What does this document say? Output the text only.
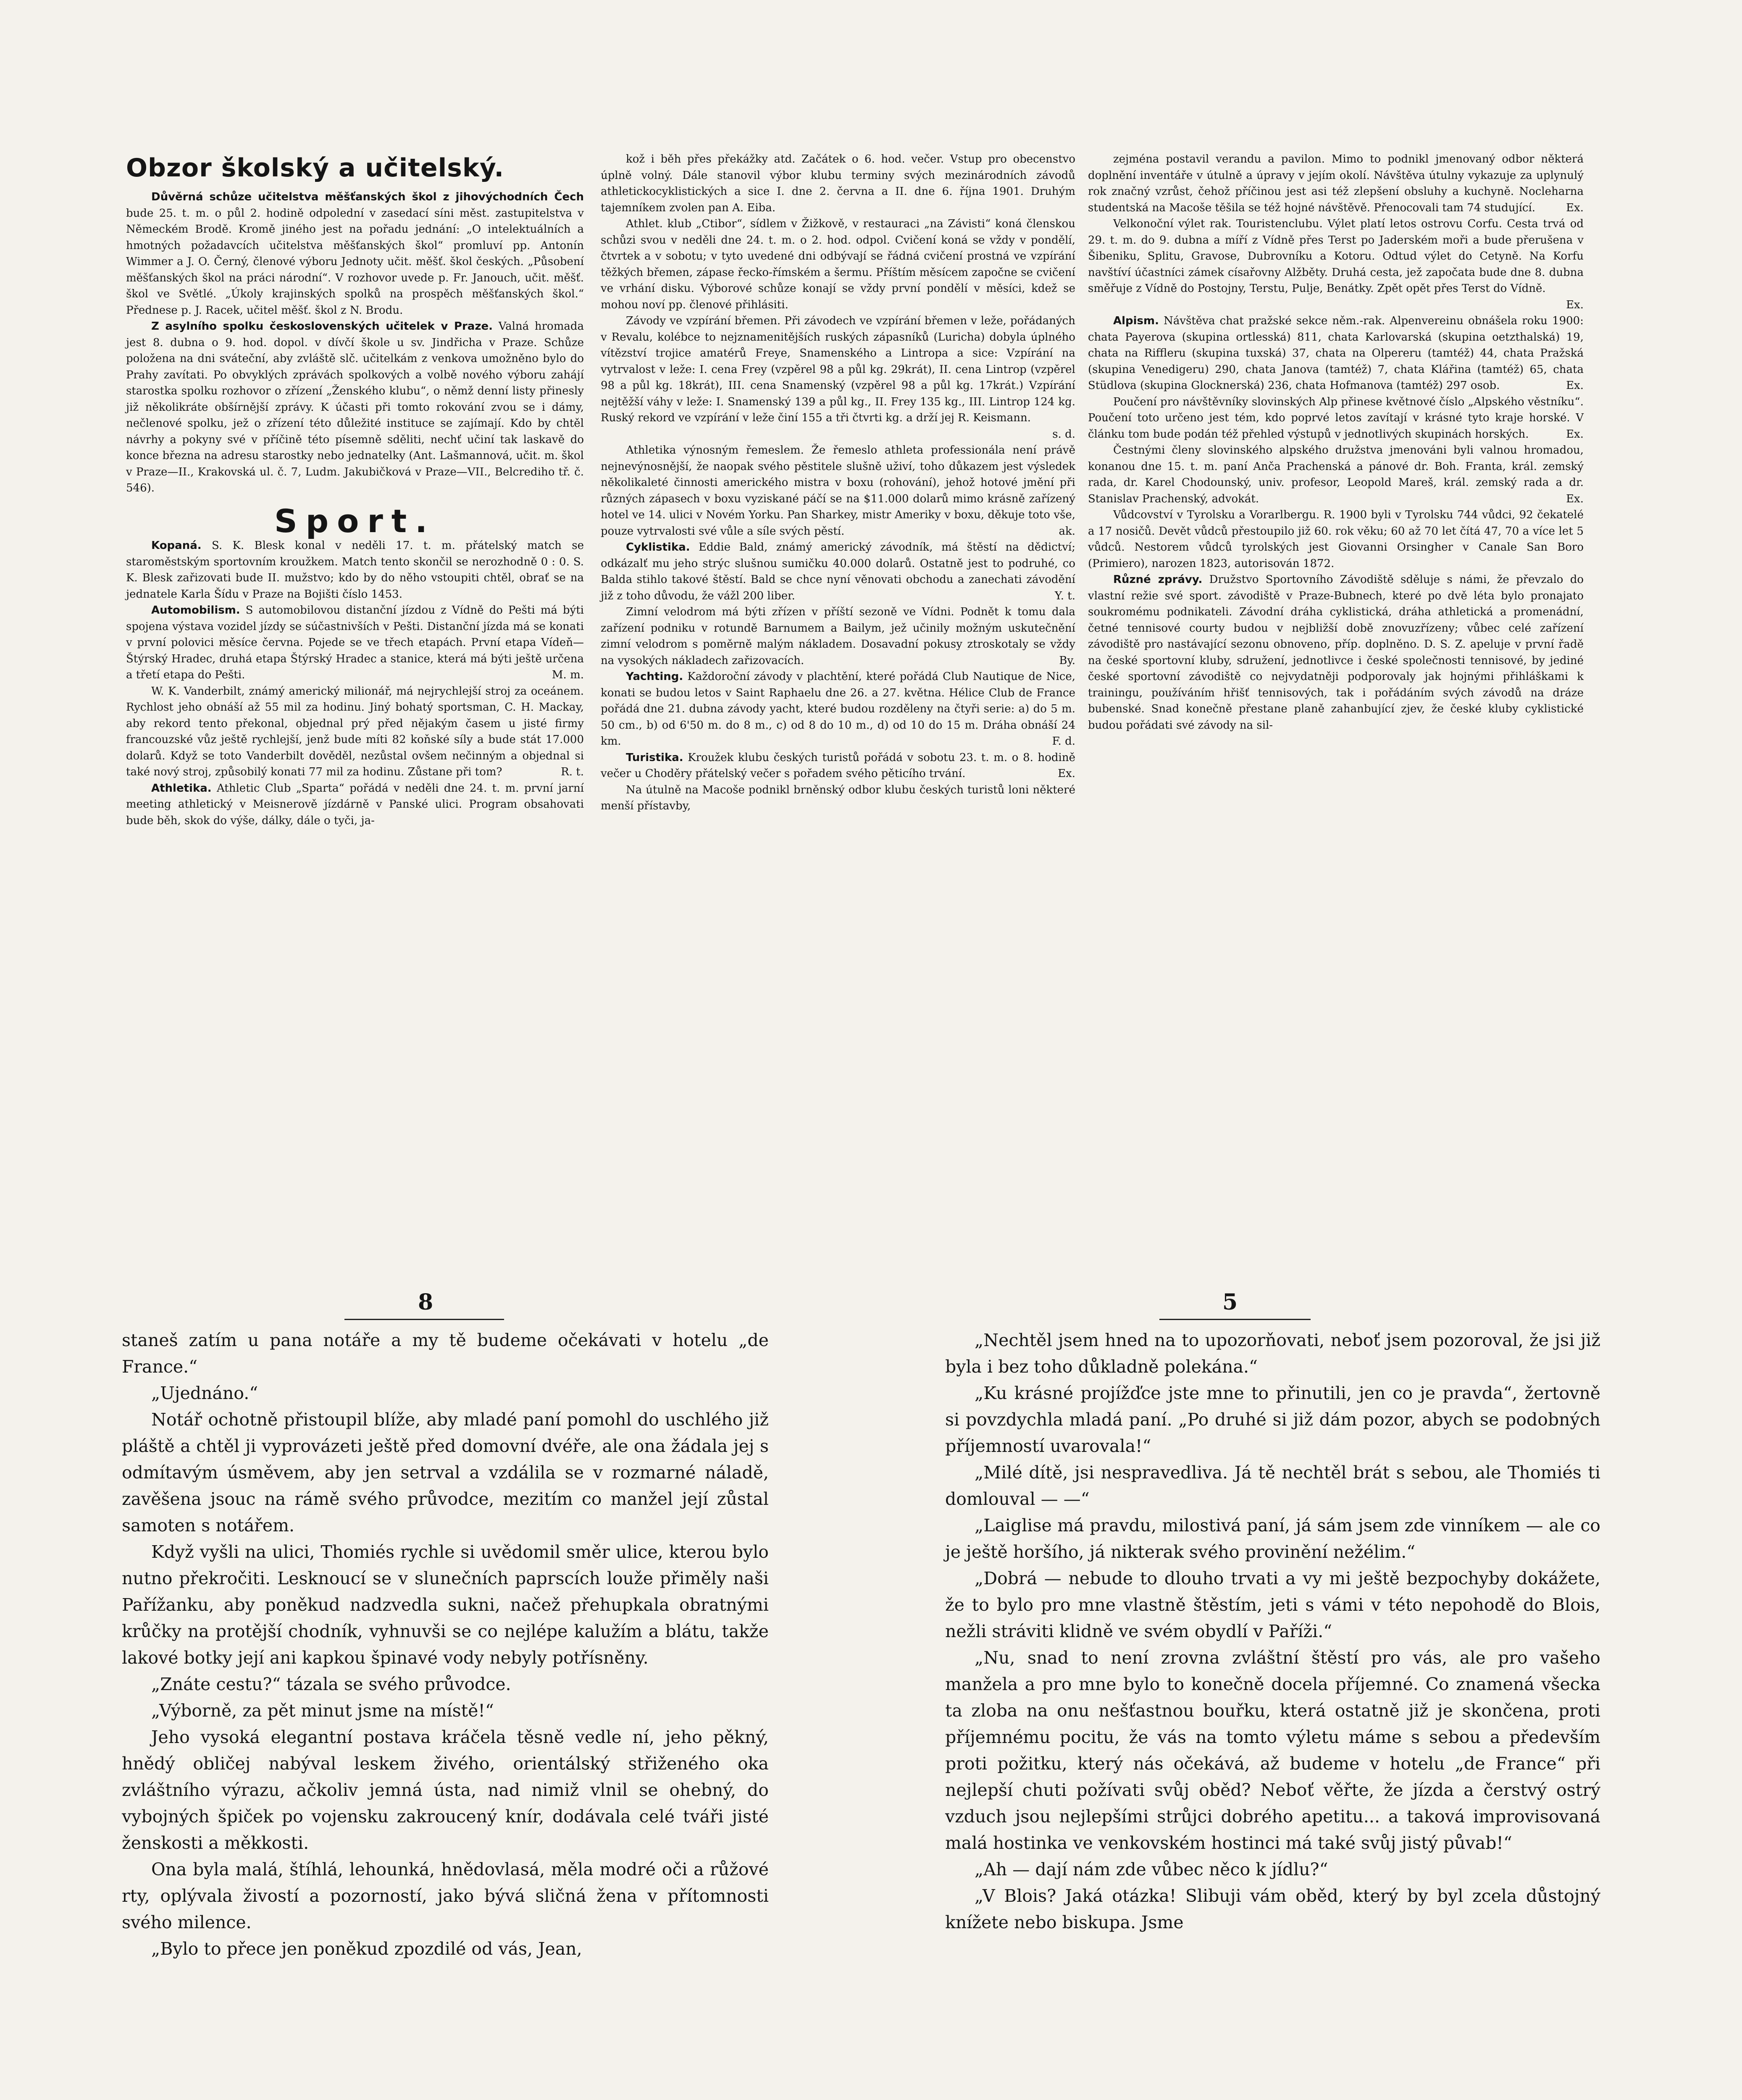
Obzor školský a učitelský.

Důvěrná schůze učitelstva měšťanských škol z jihovýchodních Čech bude 25. t. m. o půl 2. hodině odpolední v zasedací síni měst. zastupitelstva v Německém Brodě. Kromě jiného jest na pořadu jednání: „O intelektuálních a hmotných požadavcích učitelstva měšťanských škol“ promluví pp. Antonín Wimmer a J. O. Černý, členové výboru Jednoty učit. měšť. škol českých. „Působení měšťanských škol na práci národní“. V rozhovor uvede p. Fr. Janouch, učit. měšť. škol ve Světlé. „Úkoly krajinských spolků na prospěch měšťanských škol.“ Přednese p. J. Racek, učitel měšť. škol z N. Brodu.

Z asylního spolku československých učitelek v Praze. Valná hromada jest 8. dubna o 9. hod. dopol. v dívčí škole u sv. Jindřicha v Praze. Schůze položena na dni sváteční, aby zvláště slč. učitelkám z venkova umožněno bylo do Prahy zavítati. Po obvyklých zprávách spolkových a volbě nového výboru zahájí starostka spolku rozhovor o zřízení „Ženského klubu“, o němž denní listy přinesly již několikráte obšírnější zprávy. K účasti při tomto rokování zvou se i dámy, nečlenové spolku, jež o zřízení této důležité instituce se zajímají. Kdo by chtěl návrhy a pokyny své v příčině této písemně sděliti, nechť učiní tak laskavě do konce března na adresu starostky nebo jednatelky (Ant. Lašmannová, učit. m. škol v Praze—II., Krakovská ul. č. 7, Ludm. Jakubičková v Praze—VII., Belcrediho tř. č. 546).

Sport.

Kopaná. S. K. Blesk konal v neděli 17. t. m. přátelský match se staroměstským sportovním kroužkem. Match tento skončil se nerozhodně 0 : 0. S. K. Blesk zařizovati bude II. mužstvo; kdo by do něho vstoupiti chtěl, obrať se na jednatele Karla Šídu v Praze na Bojišti číslo 1453.

Automobilism. S automobilovou distanční jízdou z Vídně do Pešti má býti spojena výstava vozidel jízdy se súčastnivších v Pešti. Distanční jízda má se konati v první polovici měsíce června. Pojede se ve třech etapách. První etapa Vídeň—Štýrský Hradec, druhá etapa Štýrský Hradec a stanice, která má býti ještě určena a třetí etapa do Pešti.	M. m.

W. K. Vanderbilt, známý americký milionář, má nejrychlejší stroj za oceánem. Rychlost jeho obnáší až 55 mil za hodinu. Jiný bohatý sportsman, C. H. Mackay, aby rekord tento překonal, objednal prý před nějakým časem u jisté firmy francouzské vůz ještě rychlejší, jenž bude míti 82 koňské síly a bude stát 17.000 dolarů. Když se toto Vanderbilt dověděl, nezůstal ovšem nečinným a objednal si také nový stroj, způsobilý konati 77 mil za hodinu. Zůstane při tom?	R. t.

Athletika. Athletic Club „Sparta“ pořádá v neděli dne 24. t. m. první jarní meeting athletický v Meisnerově jízdárně v Panské ulici. Program obsahovati bude běh, skok do výše, dálky, dále o tyči, ja-

kož i běh přes překážky atd. Začátek o 6. hod. večer. Vstup pro obecenstvo úplně volný. Dále stanovil výbor klubu terminy svých mezinárodních závodů athletickocyklistických a sice I. dne 2. června a II. dne 6. října 1901. Druhým tajemníkem zvolen pan A. Eiba.

Athlet. klub „Ctibor“, sídlem v Žižkově, v restauraci „na Závisti“ koná členskou schůzi svou v neděli dne 24. t. m. o 2. hod. odpol. Cvičení koná se vždy v pondělí, čtvrtek a v sobotu; v tyto uvedené dni odbývají se řádná cvičení prostná ve vzpírání těžkých břemen, zápase řecko-římském a šermu. Příštím měsícem započne se cvičení ve vrhání disku. Výborové schůze konají se vždy první pondělí v měsíci, kdež se mohou noví pp. členové přihlásiti.

Závody ve vzpírání břemen. Při závodech ve vzpírání břemen v leže, pořádaných v Revalu, kolébce to nejznamenitějších ruských zápasníků (Lurichа) dobyla úplného vítězství trojice amatérů Freye, Snamenského a Lintropa a sice: Vzpírání na vytrvalost v leže: I. cena Frey (vzpěrel 98 a půl kg. 29krát), II. cena Lintrop (vzpěrel 98 a půl kg. 18krát), III. cena Snamenský (vzpěrel 98 a půl kg. 17krát.) Vzpírání nejtěžší váhy v leže: I. Snamenský 139 a půl kg., II. Frey 135 kg., III. Lintrop 124 kg. Ruský rekord ve vzpírání v leže činí 155 a tři čtvrti kg. a drží jej R. Keismann.
s. d.

Athletika výnosným řemeslem. Že řemeslo athleta professionála není právě nejnevýnosnější, že naopak svého pěstitele slušně uživí, toho důkazem jest výsledek několikaleté činnosti amerického mistra v boxu (rohování), jehož hotové jmění při různých zápasech v boxu vyziskané páčí se na $11.000 dolarů mimo krásně zařízený hotel ve 14. ulici v Novém Yorku. Pan Sharkey, mistr Ameriky v boxu, děkuje toto vše, pouze vytrvalosti své vůle a síle svých pěstí.	ak.

Cyklistika. Eddie Bald, známý americký závodník, má štěstí na dědictví; odkázalť mu jeho strýc slušnou sumičku 40.000 dolarů. Ostatně jest to podruhé, co Balda stihlo takové štěstí. Bald se chce nyní věnovati obchodu a zanechati závodění již z toho důvodu, že vážl 200 liber.	Y. t.

Zimní velodrom má býti zřízen v příští sezoně ve Vídni. Podnět k tomu dala zařízení podniku v rotundě Barnumem a Bailym, jež učinily možným uskutečnění zimní velodrom s poměrně malým nákladem. Dosavadní pokusy ztroskotaly se vždy na vysokých nákladech zařizovacích.	By.

Yachting. Každoroční závody v plachtění, které pořádá Club Nautique de Nice, konati se budou letos v Saint Raphaelu dne 26. a 27. května. Hélice Club de France pořádá dne 21. dubna závody yacht, které budou rozděleny na čtyři serie: a) do 5 m. 50 cm., b) od 6'50 m. do 8 m., c) od 8 do 10 m., d) od 10 do 15 m. Dráha obnáší 24 km.	F. d.

Turistika. Kroužek klubu českých turistů pořádá v sobotu 23. t. m. o 8. hodině večer u Choděry přátelský večer s pořadem svého pěticího trvání.	Ex.

Na útulně na Macoše podnikl brněnský odbor klubu českých turistů loni některé menší přístavby,

zejména postavil verandu a pavilon. Mimo to podnikl jmenovaný odbor některá doplnění inventáře v útulně a úpravy v jejím okolí. Návštěva útulny vykazuje za uplynulý rok značný vzrůst, čehož příčinou jest asi též zlepšení obsluhy a kuchyně. Nocleharna studentská na Macoše těšila se též hojné návštěvě. Přenocovali tam 74 studující.	Ex.

Velkonoční výlet rak. Touristenclubu. Výlet platí letos ostrovu Corfu. Cesta trvá od 29. t. m. do 9. dubna a míří z Vídně přes Terst po Jaderském moři a bude přerušena v Šibeniku, Splitu, Gravose, Dubrovníku a Kotoru. Odtud výlet do Cetyně. Na Korfu navštíví účastníci zámek císařovny Alžběty. Druhá cesta, jež započata bude dne 8. dubna směřuje z Vídně do Postojny, Terstu, Pulje, Benátky. Zpět opět přes Terst do Vídně.
Ex.

Alpism. Návštěva chat pražské sekce něm.-rak. Alpenvereinu obnášela roku 1900: chata Payerova (skupina ortlesská) 811, chata Karlovarská (skupina oetzthalská) 19, chata na Riffleru (skupina tuxská) 37, chata na Olpereru (tamtéž) 44, chata Pražská (skupina Venedigeru) 290, chata Janova (tamtéž) 7, chata Klářina (tamtéž) 65, chata Stüdlova (skupina Glocknerská) 236, chata Hofmanova (tamtéž) 297 osob.	Ex.

Poučení pro návštěvníky slovinských Alp přinese květnové číslo „Alpského věstníku“. Poučení toto určeno jest tém, kdo poprvé letos zavítají v krásné tyto kraje horské. V článku tom bude podán též přehled výstupů v jednotlivých skupinách horských.	Ex.

Čestnými členy slovinského alpského družstva jmenováni byli valnou hromadou, konanou dne 15. t. m. paní Anča Prachenská a pánové dr. Boh. Franta, král. zemský rada, dr. Karel Chodounský, univ. profesor, Leopold Mareš, král. zemský rada a dr. Stanislav Prachenský, advokát.	Ex.

Vůdcovství v Tyrolsku a Vorarlbergu. R. 1900 byli v Tyrolsku 744 vůdci, 92 čekatelé a 17 nosičů. Devět vůdců přestoupilo již 60. rok věku; 60 až 70 let čítá 47, 70 a více let 5 vůdců. Nestorem vůdců tyrolských jest Giovanni Orsingher v Canale San Boro (Primiero), narozen 1823, autorisován 1872.

Různé zprávy. Družstvo Sportovního Závodiště sděluje s námi, že převzalo do vlastní režie své sport. závodiště v Praze-Bubnech, které po dvě léta bylo pronajato soukromému podnikateli. Závodní dráha cyklistická, dráha athletická a promenádní, četné tennisové courty budou v nejbližší době znovuzřízeny; vůbec celé zařízení závodiště pro nastávající sezonu obnoveno, příp. doplněno. D. S. Z. apeluje v první řadě na české sportovní kluby, sdružení, jednotlivce i české společnosti tennisové, by jediné české sportovní závodiště co nejvydatněji podporovaly jak hojnými přihláškami k trainingu, používáním hřišť tennisových, tak i pořádáním svých závodů na dráze bubenské. Snad konečně přestane planě zahanbující zjev, že české kluby cyklistické budou pořádati své závody na sil-

8	5

staneš zatím u pana notáře a my tě budeme očekávati v hotelu „de France.“

„Ujednáno.“

Notář ochotně přistoupil blíže, aby mladé paní pomohl do uschlého již pláště a chtěl ji vyprovázeti ještě před domovní dvéře, ale ona žádala jej s odmítavým úsměvem, aby jen setrval a vzdálila se v rozmarné náladě, zavěšena jsouc na rámě svého průvodce, mezitím co manžel její zůstal samoten s notářem.

Když vyšli na ulici, Thomiés rychle si uvědomil směr ulice, kterou bylo nutno překročiti. Lesknoucí se v slunečních paprscích louže přiměly naši Pařížanku, aby poněkud nadzvedla sukni, načež přehupkala obratnými krůčky na protější chodník, vyhnuvši se co nejlépe kalužím a blátu, takže lakové botky její ani kapkou špinavé vody nebyly potřísněny.

„Znáte cestu?“ tázala se svého průvodce.

„Výborně, za pět minut jsme na místě!“

Jeho vysoká elegantní postava kráčela těsně vedle ní, jeho pěkný, hnědý obličej nabýval leskem živého, orientálský střiženého oka zvláštního výrazu, ačkoliv jemná ústa, nad nimiž vlnil se ohebný, do vybojných špiček po vojensku zakroucený knír, dodávala celé tváři jisté ženskosti a měkkosti.

Ona byla malá, štíhlá, lehounká, hnědovlasá, měla modré oči a růžové rty, oplývala živostí a pozorností, jako bývá sličná žena v přítomnosti svého milence.

„Bylo to přece jen poněkud zpozdilé od vás, Jean,

„Nechtěl jsem hned na to upozorňovati, neboť jsem pozoroval, že jsi již byla i bez toho důkladně polekána.“

„Ku krásné projížďce jste mne to přinutili, jen co je pravda“, žertovně si povzdychla mladá paní. „Po druhé si již dám pozor, abych se podobných příjemností uvarovala!“

„Milé dítě, jsi nespravedliva. Já tě nechtěl brát s sebou, ale Thomiés ti domlouval — —“

„Laiglise má pravdu, milostivá paní, já sám jsem zde vinníkem — ale co je ještě horšího, já nikterak svého provinění nežélim.“

„Dobrá — nebude to dlouho trvati a vy mi ještě bezpochyby dokážete, že to bylo pro mne vlastně štěstím, jeti s vámi v této nepohodě do Blois, nežli stráviti klidně ve svém obydlí v Paříži.“

„Nu, snad to není zrovna zvláštní štěstí pro vás, ale pro vašeho manžela a pro mne bylo to konečně docela příjemné. Co znamená všecka ta zloba na onu nešťastnou bouřku, která ostatně již je skončena, proti příjemnému pocitu, že vás na tomto výletu máme s sebou a především proti požitku, který nás očekává, až budeme v hotelu „de France“ při nejlepší chuti požívati svůj oběd? Neboť věřte, že jízda a čerstvý ostrý vzduch jsou nejlepšími strůjci dobrého apetitu... a taková improvisovaná malá hostinka ve venkovském hostinci má také svůj jistý půvab!“

„Ah — dají nám zde vůbec něco k jídlu?“

„V Blois? Jaká otázka! Slibuji vám oběd, který by byl zcela důstojný knížete nebo biskupa. Jsme
